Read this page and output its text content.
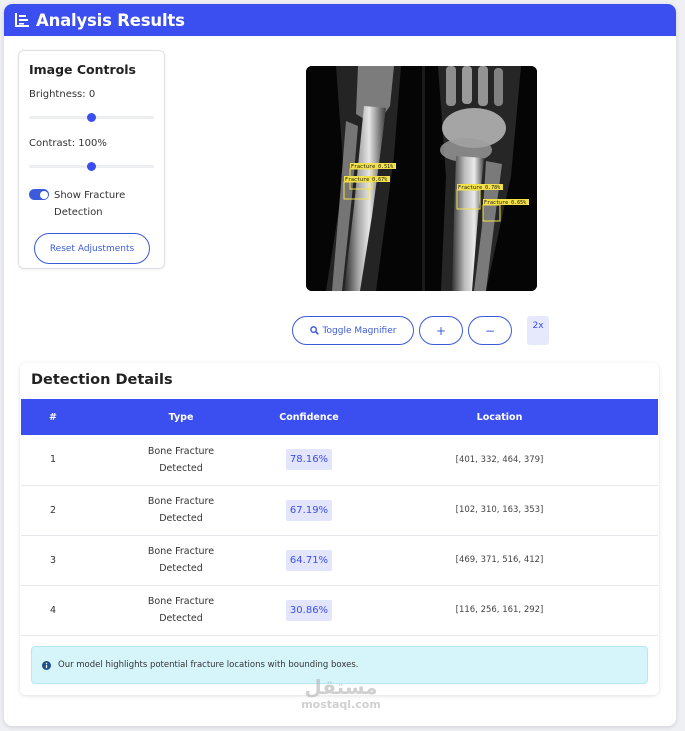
Analysis Results
Image Controls
Brightness: 0
Contrast: 100%
Show Fracture Detection
Reset Adjustments
Fracture 0.51%
Fracture 0.67%
Fracture 0.78%
Fracture 0.65%
Toggle Magnifier	+	−	2x
Detection Details
#	Type	Confidence	Location
1	Bone Fracture Detected	78.16%	[401, 332, 464, 379]
2	Bone Fracture Detected	67.19%	[102, 310, 163, 353]
3	Bone Fracture Detected	64.71%	[469, 371, 516, 412]
4	Bone Fracture Detected	30.86%	[116, 256, 161, 292]
Our model highlights potential fracture locations with bounding boxes.
مستقل
mostaql.com
